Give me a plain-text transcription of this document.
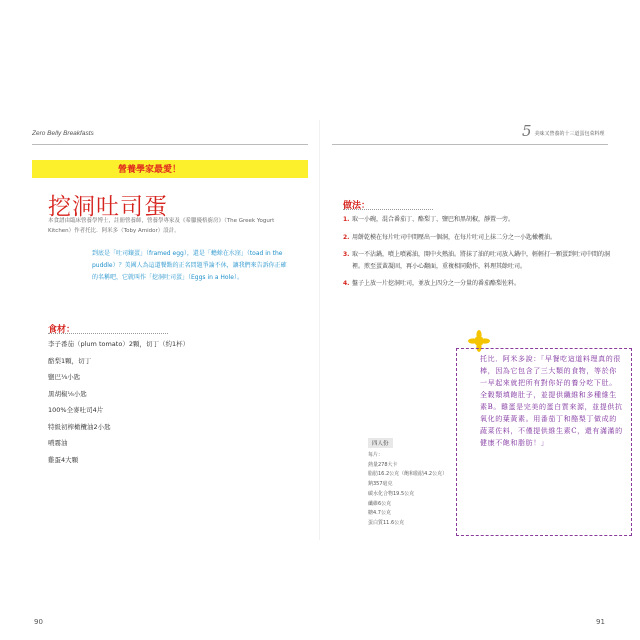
Zero Belly Breakfasts
營養學家最愛！
挖洞吐司蛋
本食譜由臨床營養學博士，註冊營養師，營養學專家及《希臘優格廚房》（The Greek Yogurt Kitchen）作者托比．阿米多（Toby Amidor）設計。
到底是「吐司鑲蛋」（framed egg），還是「蟾蜍在水窪」（toad in the puddle）？美國人為這道餐點的正名問題爭論不休，讓我們來告訴你正確的名稱吧，它就叫作「挖洞吐司蛋」（Eggs in a Hole）。
食材：
李子番茄（plum tomato）2顆，切丁（約1杯）
酪梨1顆，切丁
鹽巴⅛小匙
黑胡椒⅛小匙
100%全麥吐司4片
特級初榨橄欖油2小匙
噴霧油
雞蛋4大顆
90
5 美味又營養的十三道蛋包菜料理
做法：
1. 取一小碗，混合番茄丁、酪梨丁、鹽巴和黑胡椒，靜置一旁。
2. 用餅乾模在每片吐司中間壓出一個洞，在每片吐司上抹二分之一小匙橄欖油。
3. 取一不沾鍋，噴上噴霧油，開中火熱油。將抹了油的吐司放入鍋中，輕輕打一顆蛋到吐司中間的洞裡。煎至蛋黃凝固，再小心翻面，重複相同動作，料理其餘吐司。
4. 盤子上放一片挖洞吐司，並放上四分之一分量的番茄酪梨佐料。
托比．阿米多說：「早餐吃這道料理真的很棒，因為它包含了三大類的食物，等於你一早起來就把所有對你好的養分吃下肚。全穀類填飽肚子，並提供纖維和多種維生素B。雞蛋是完美的蛋白質來源，並提供抗氧化的葉黃素。用番茄丁和酪梨丁做成的蔬菜佐料，不僅提供維生素C，還有滿滿的健康不飽和脂肪！」
四人份
每片：
熱量278大卡
脂肪16.2公克（飽和脂肪4.2公克）
鈉357毫克
碳水化合物19.5公克
纖維6公克
糖4.7公克
蛋白質11.6公克
91
